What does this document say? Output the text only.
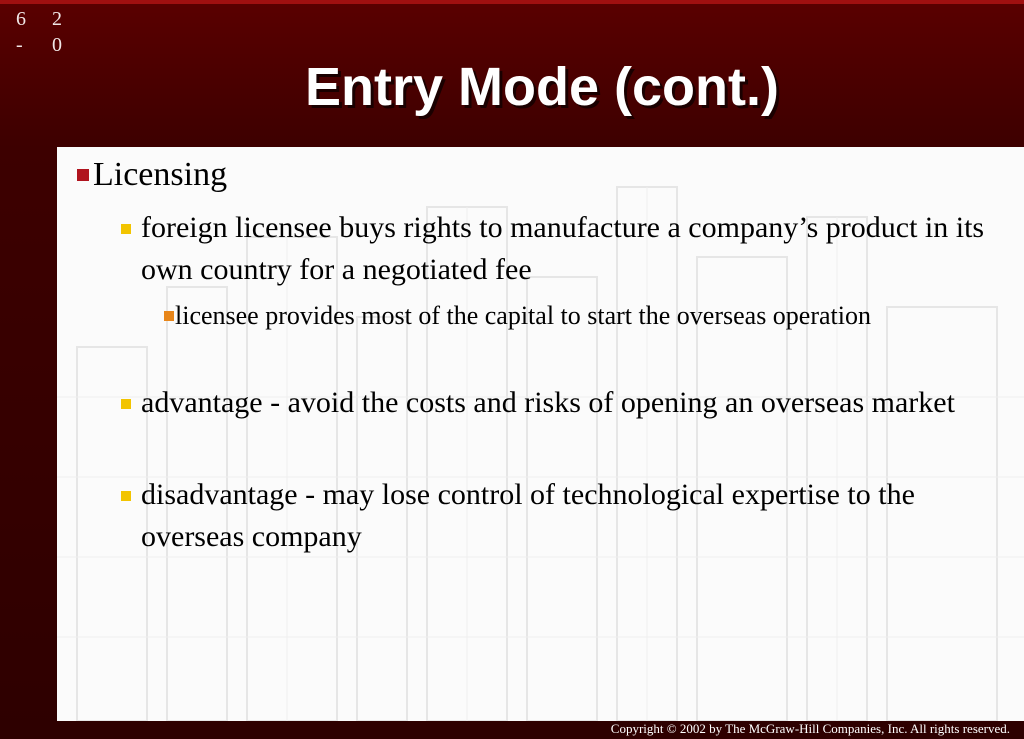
6 2
- 0
Entry Mode (cont.)
Licensing
foreign licensee buys rights to manufacture a company’s product in its own country for a negotiated fee
licensee provides most of the capital to start the overseas operation
advantage - avoid the costs and risks of opening an overseas market
disadvantage - may lose control of technological expertise to the overseas company
Copyright © 2002 by The McGraw-Hill Companies, Inc. All rights reserved.
